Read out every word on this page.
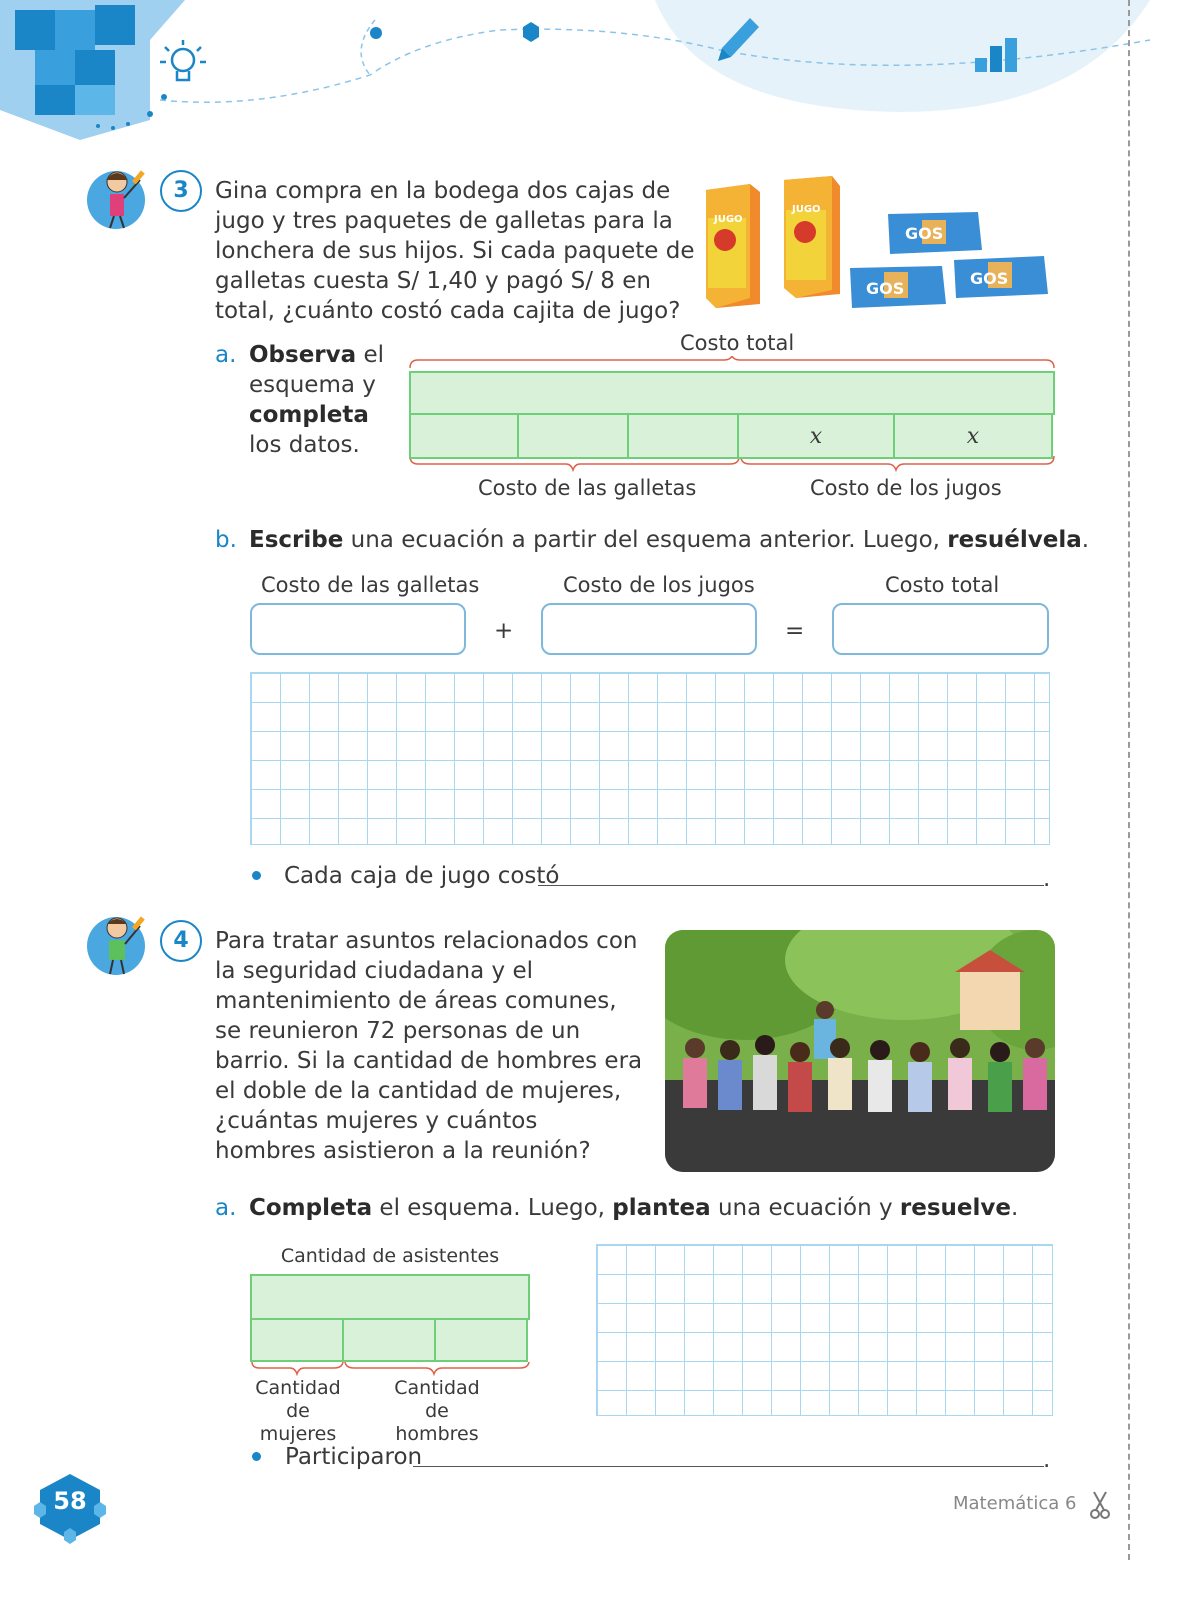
3	Gina compra en la bodega dos cajas de jugo y tres paquetes de galletas para la lonchera de sus hijos. Si cada paquete de galletas cuesta S/ 1,40 y pagó S/ 8 en total, ¿cuánto costó cada cajita de jugo?
JUGO
JUGO
GOS
GOS
GOS
a. Observa el esquema y completa los datos.
Costo total
x	x
Costo de las galletas	Costo de los jugos
b. Escribe una ecuación a partir del esquema anterior. Luego, resuélvela.
Costo de las galletas	Costo de los jugos	Costo total
+	=
Cada caja de jugo costó	.
4	Para tratar asuntos relacionados con la seguridad ciudadana y el mantenimiento de áreas comunes, se reunieron 72 personas de un barrio. Si la cantidad de hombres era el doble de la cantidad de mujeres, ¿cuántas mujeres y cuántos hombres asistieron a la reunión?
a. Completa el esquema. Luego, plantea una ecuación y resuelve.
Cantidad de asistentes
Cantidad de mujeres
Cantidad de hombres
Participaron	.
58	Matemática 6
